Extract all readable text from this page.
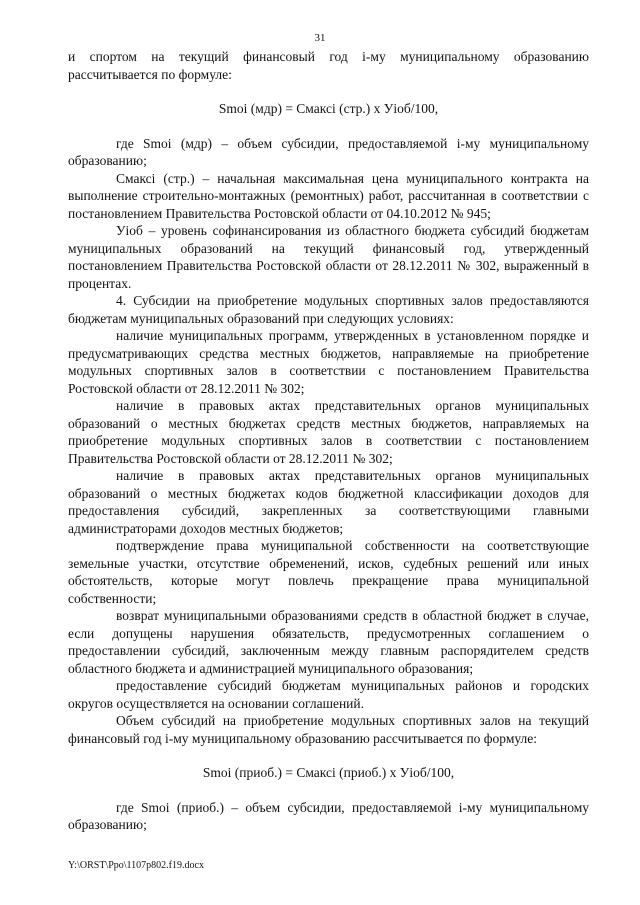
31

и спортом на текущий финансовый год i-му муниципальному образованию рассчитывается по формуле:

Smoi (мдр) = Смаксі (стр.) х Уioб/100,

где Smoi (мдр) – объем субсидии, предоставляемой i-му муниципальному образованию;

Смаксі (стр.) – начальная максимальная цена муниципального контракта на выполнение строительно-монтажных (ремонтных) работ, рассчитанная в соответствии с постановлением Правительства Ростовской области от 04.10.2012 № 945;

Уioб – уровень софинансирования из областного бюджета субсидий бюджетам муниципальных образований на текущий финансовый год, утвержденный постановлением Правительства Ростовской области от 28.12.2011 № 302, выраженный в процентах.

4. Субсидии на приобретение модульных спортивных залов предоставляются бюджетам муниципальных образований при следующих условиях:

наличие муниципальных программ, утвержденных в установленном порядке и предусматривающих средства местных бюджетов, направляемые на приобретение модульных спортивных залов в соответствии с постановлением Правительства Ростовской области от 28.12.2011 № 302;

наличие в правовых актах представительных органов муниципальных образований о местных бюджетах средств местных бюджетов, направляемых на приобретение модульных спортивных залов в соответствии с постановлением Правительства Ростовской области от 28.12.2011 № 302;

наличие в правовых актах представительных органов муниципальных образований о местных бюджетах кодов бюджетной классификации доходов для предоставления субсидий, закрепленных за соответствующими главными администраторами доходов местных бюджетов;

подтверждение права муниципальной собственности на соответствующие земельные участки, отсутствие обременений, исков, судебных решений или иных обстоятельств, которые могут повлечь прекращение права муниципальной собственности;

возврат муниципальными образованиями средств в областной бюджет в случае, если допущены нарушения обязательств, предусмотренных соглашением о предоставлении субсидий, заключенным между главным распорядителем средств областного бюджета и администрацией муниципального образования;

предоставление субсидий бюджетам муниципальных районов и городских округов осуществляется на основании соглашений.

Объем субсидий на приобретение модульных спортивных залов на текущий финансовый год i-му муниципальному образованию рассчитывается по формуле:

Smoi (приоб.) = Смаксі (приоб.) х Уioб/100,

где Smoi (приоб.) – объем субсидии, предоставляемой i-му муниципальному образованию;

Y:\ORST\Ppo\1107p802.f19.docx
